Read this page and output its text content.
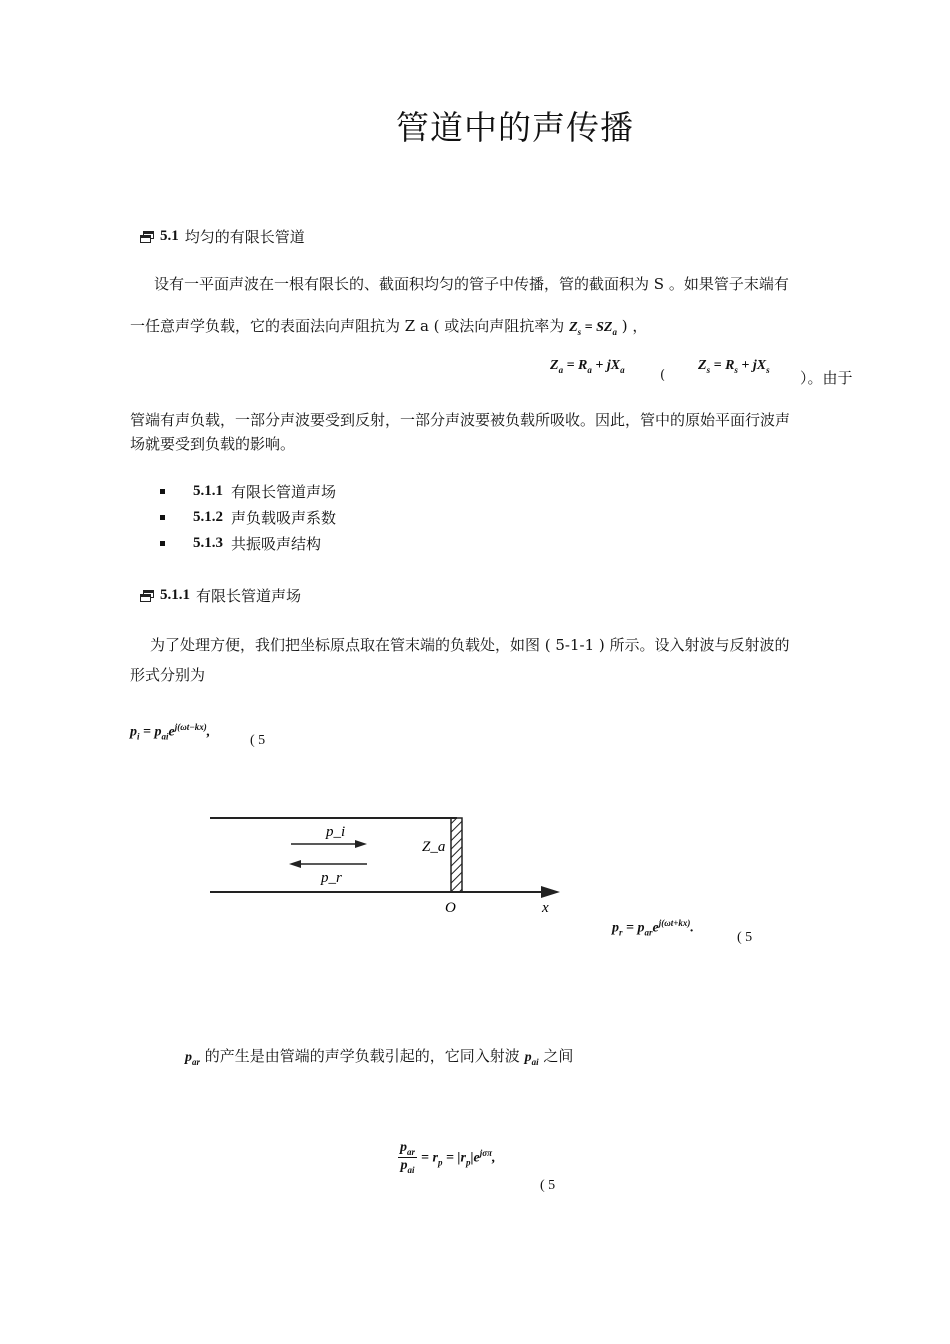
管道中的声传播
5.1 均匀的有限长管道
设有一平面声波在一根有限长的、截面积均匀的管子中传播，管的截面积为 S 。如果管子末端有
一任意声学负载，它的表面法向声阻抗为 Z a ( 或法向声阻抗率为 $Z_s = SZ_a$ ) ，
$Z_a = R_a + jX_a$	(
$Z_s = R_s + jX_s$ ）。由于
管端有声负载，一部分声波要受到反射，一部分声波要被负载所吸收。因此，管中的原始平面行波声
场就要受到负载的影响。
5.1.1 有限长管道声场
5.1.2 声负载吸声系数
5.1.3 共振吸声结构
5.1.1 有限长管道声场
为了处理方便，我们把坐标原点取在管末端的负载处，如图 ( 5-1-1 ) 所示。设入射波与反射波的
形式分别为
$p_i = p_{ai}e^{j(\omega t-kx)}$,
( 5
p_i
p_r
Z_a
O	x
$p_r = p_{ar}e^{j(\omega t+kx)}$.
( 5
$p_{ar}$ 的产生是由管端的声学负载引起的，它同入射波 $p_{ai}$ 之间
$p_{ar}$
$p_{ai}$
= $r_p = |r_p|e^{j\sigma\pi}$,
( 5
